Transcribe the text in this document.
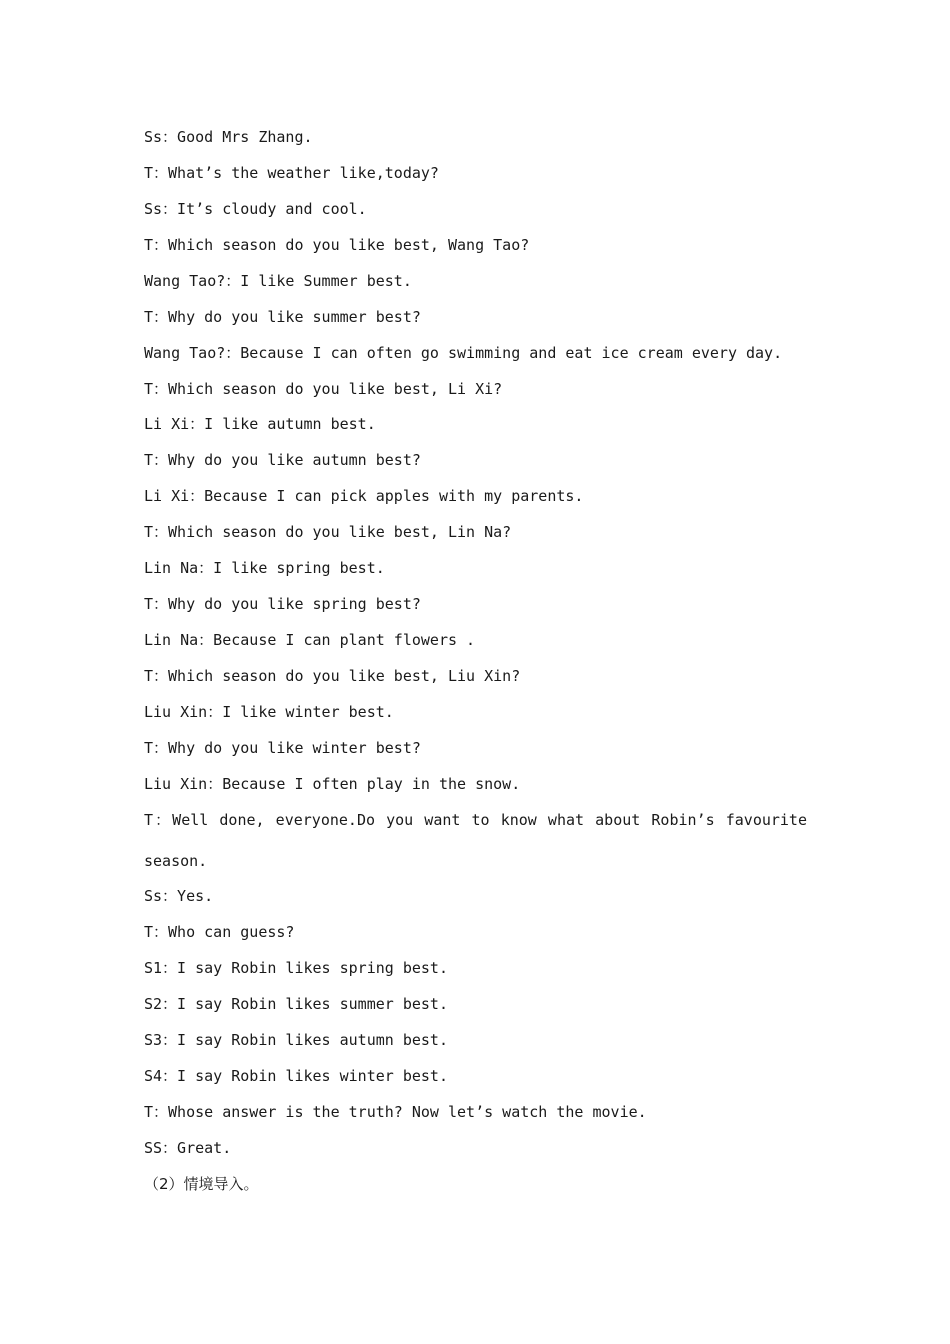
Ss：Good Mrs Zhang.
T：What’s the weather like,today?
Ss：It’s cloudy and cool.
T：Which season do you like best, Wang Tao?
Wang Tao?：I like Summer best.
T：Why do you like summer best?
Wang Tao?：Because I can often go swimming and eat ice cream every day.
T：Which season do you like best, Li Xi?
Li Xi：I like autumn best.
T：Why do you like autumn best?
Li Xi：Because I can pick apples with my parents.
T：Which season do you like best, Lin Na?
Lin Na：I like spring best.
T：Why do you like spring best?
Lin Na：Because I can plant flowers .
T：Which season do you like best, Liu Xin?
Liu Xin：I like winter best.
T：Why do you like winter best?
Liu Xin：Because I often play in the snow.
T：Well done, everyone.Do you want to know what about Robin’s favourite
season.
Ss：Yes.
T：Who can guess?
S1：I say Robin likes spring best.
S2：I say Robin likes summer best.
S3：I say Robin likes autumn best.
S4：I say Robin likes winter best.
T：Whose answer is the truth? Now let’s watch the movie.
SS：Great.
（2）情境导入。
